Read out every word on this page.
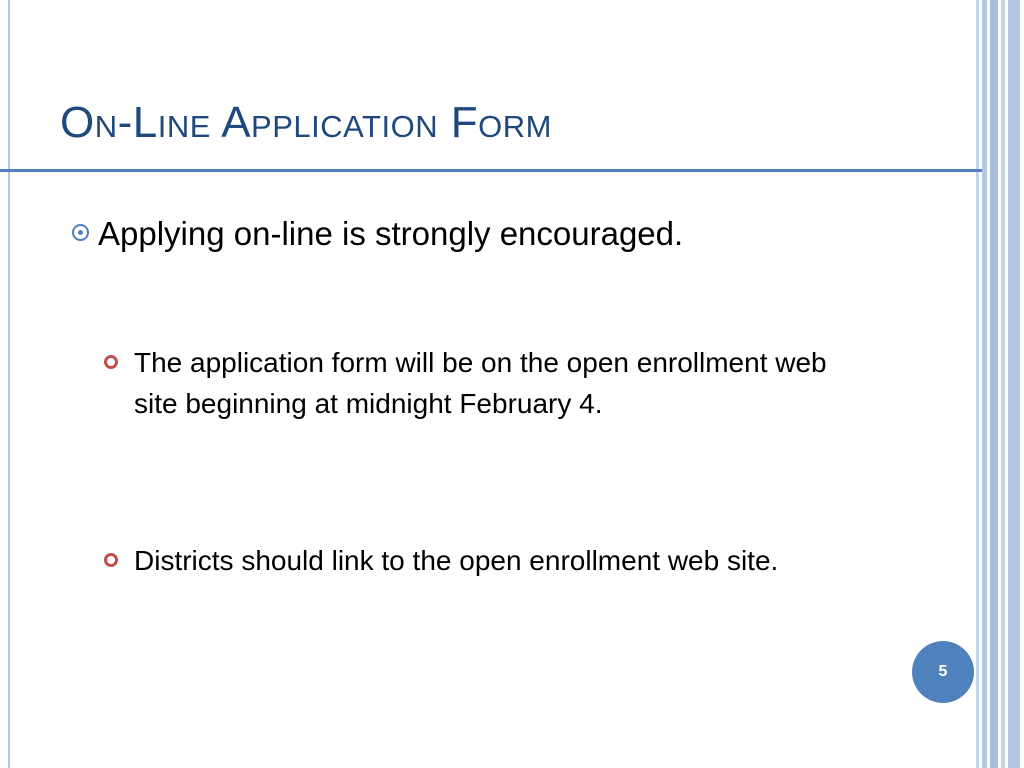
On-Line Application Form
Applying on-line is strongly encouraged.
The application form will be on the open enrollment web site beginning at midnight February 4.
Districts should link to the open enrollment web site.
5
